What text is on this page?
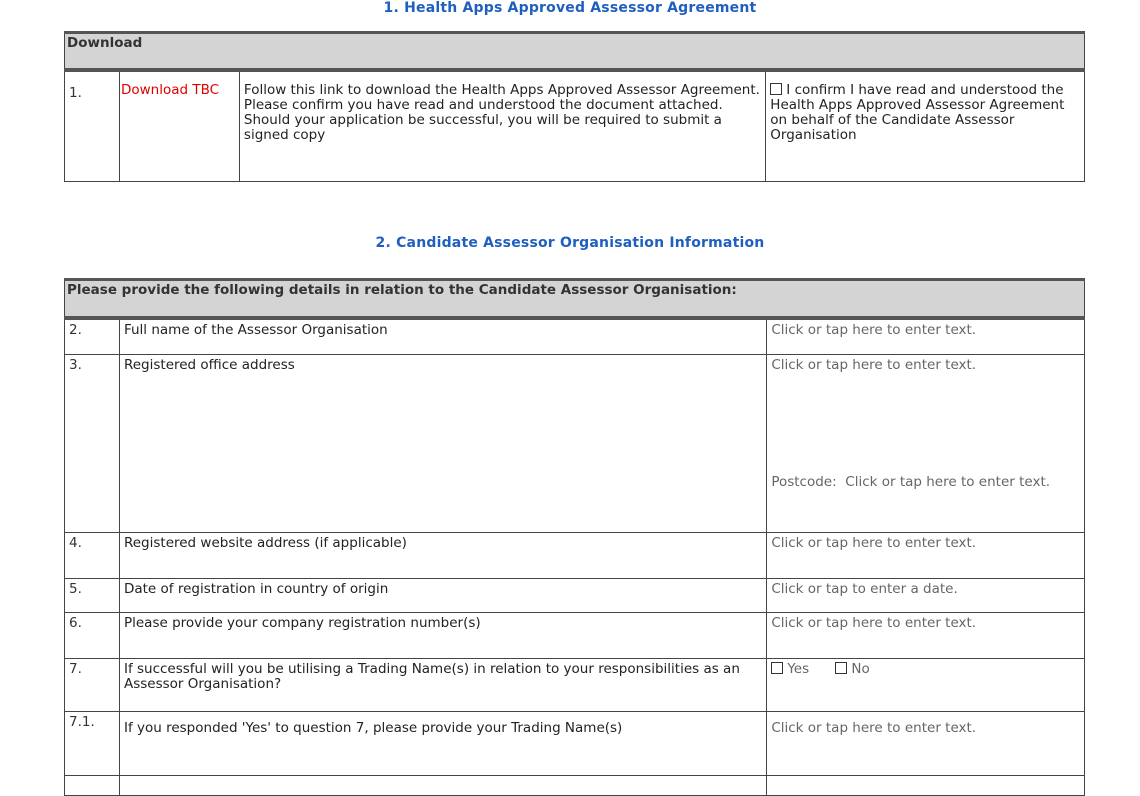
1. Health Apps Approved Assessor Agreement
Download
1.	Download TBC	Follow this link to download the Health Apps Approved Assessor Agreement. Please confirm you have read and understood the document attached. Should your application be successful, you will be required to submit a signed copy	I confirm I have read and understood the Health Apps Approved Assessor Agreement on behalf of the Candidate Assessor Organisation
2. Candidate Assessor Organisation Information
Please provide the following details in relation to the Candidate Assessor Organisation:		
2.	Full name of the Assessor Organisation	Click or tap here to enter text.
3.	Registered office address	Click or tap here to enter text.
Postcode: Click or tap here to enter text.

4.	Registered website address (if applicable)	Click or tap here to enter text.
5.	Date of registration in country of origin	Click or tap to enter a date.
6.	Please provide your company registration number(s)	Click or tap here to enter text.
7.	If successful will you be utilising a Trading Name(s) in relation to your responsibilities as an Assessor Organisation?	Yes No
7.1.	If you responded 'Yes' to question 7, please provide your Trading Name(s)	Click or tap here to enter text.
